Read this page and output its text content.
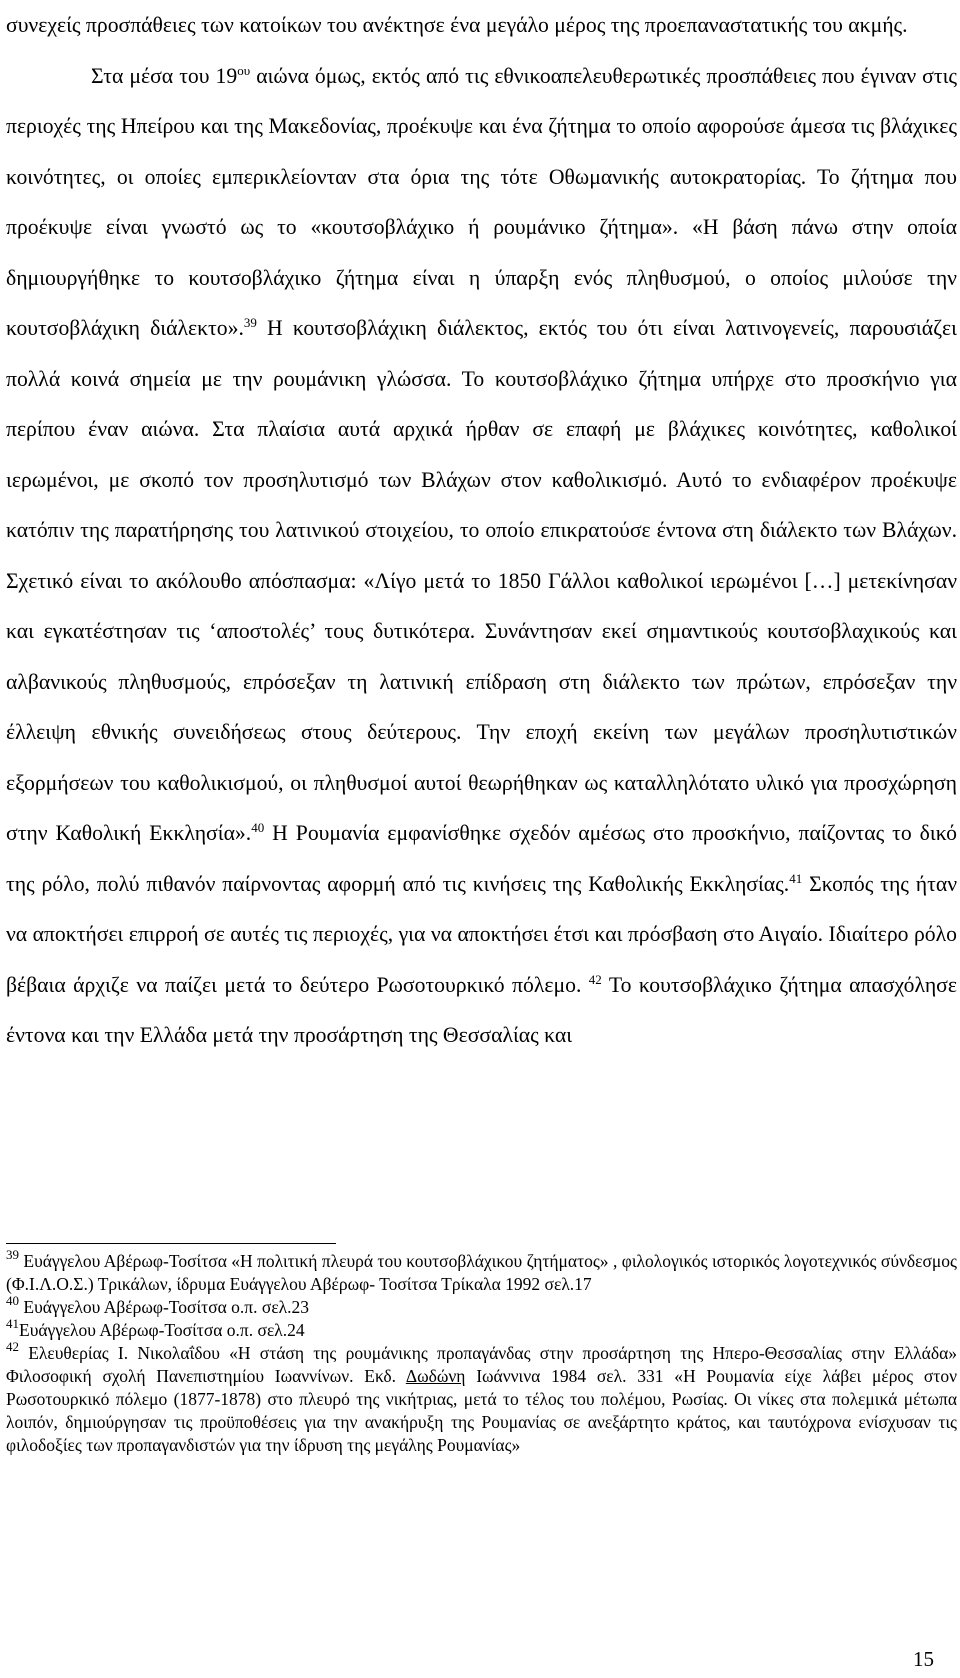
συνεχείς προσπάθειες των κατοίκων του ανέκτησε ένα μεγάλο μέρος της προεπαναστατικής του ακμής.

Στα μέσα του $19^{o\upsilon}$ αιώνα όμως, εκτός από τις εθνικοαπελευθερωτικές προσπάθειες που έγιναν στις περιοχές της Ηπείρου και της Μακεδονίας, προέκυψε και ένα ζήτημα το οποίο αφορούσε άμεσα τις βλάχικες κοινότητες, οι οποίες εμπερικλείονταν στα όρια της τότε Οθωμανικής αυτοκρατορίας. Το ζήτημα που προέκυψε είναι γνωστό ως το «κουτσοβλάχικο ή ρουμάνικο ζήτημα». «Η βάση πάνω στην οποία δημιουργήθηκε το κουτσοβλάχικο ζήτημα είναι η ύπαρξη ενός πληθυσμού, ο οποίος μιλούσε την κουτσοβλάχικη διάλεκτο».$^{39}$ Η κουτσοβλάχικη διάλεκτος, εκτός του ότι είναι λατινογενείς, παρουσιάζει πολλά κοινά σημεία με την ρουμάνικη γλώσσα. Το κουτσοβλάχικο ζήτημα υπήρχε στο προσκήνιο για περίπου έναν αιώνα. Στα πλαίσια αυτά αρχικά ήρθαν σε επαφή με βλάχικες κοινότητες, καθολικοί ιερωμένοι, με σκοπό τον προσηλυτισμό των Βλάχων στον καθολικισμό. Αυτό το ενδιαφέρον προέκυψε κατόπιν της παρατήρησης του λατινικού στοιχείου, το οποίο επικρατούσε έντονα στη διάλεκτο των Βλάχων. Σχετικό είναι το ακόλουθο απόσπασμα: «Λίγο μετά το 1850 Γάλλοι καθολικοί ιερωμένοι […] μετεκίνησαν και εγκατέστησαν τις ‘αποστολές’ τους δυτικότερα. Συνάντησαν εκεί σημαντικούς κουτσοβλαχικούς και αλβανικούς πληθυσμούς, επρόσεξαν τη λατινική επίδραση στη διάλεκτο των πρώτων, επρόσεξαν την έλλειψη εθνικής συνειδήσεως στους δεύτερους. Την εποχή εκείνη των μεγάλων προσηλυτιστικών εξορμήσεων του καθολικισμού, οι πληθυσμοί αυτοί θεωρήθηκαν ως καταλληλότατο υλικό για προσχώρηση στην Καθολική Εκκλησία».$^{40}$ Η Ρουμανία εμφανίσθηκε σχεδόν αμέσως στο προσκήνιο, παίζοντας το δικό της ρόλο, πολύ πιθανόν παίρνοντας αφορμή από τις κινήσεις της Καθολικής Εκκλησίας.$^{41}$ Σκοπός της ήταν να αποκτήσει επιρροή σε αυτές τις περιοχές, για να αποκτήσει έτσι και πρόσβαση στο Αιγαίο. Ιδιαίτερο ρόλο βέβαια άρχιζε να παίζει μετά το δεύτερο Ρωσοτουρκικό πόλεμο. $^{42}$ Το κουτσοβλάχικο ζήτημα απασχόλησε έντονα και την Ελλάδα μετά την προσάρτηση της Θεσσαλίας και

$^{39}$ Ευάγγελου Αβέρωφ-Τοσίτσα «Η πολιτική πλευρά του κουτσοβλάχικου ζητήματος» , φιλολογικός ιστορικός λογοτεχνικός σύνδεσμος (Φ.Ι.Λ.Ο.Σ.) Τρικάλων, ίδρυμα Ευάγγελου Αβέρωφ- Τοσίτσα Τρίκαλα 1992 σελ.17

$^{40}$ Ευάγγελου Αβέρωφ-Τοσίτσα ο.π. σελ.23

$^{41}$Ευάγγελου Αβέρωφ-Τοσίτσα ο.π. σελ.24

$^{42}$ Ελευθερίας Ι. Νικολαΐδου «Η στάση της ρουμάνικης προπαγάνδας στην προσάρτηση της Ηπερο-Θεσσαλίας στην Ελλάδα» Φιλοσοφική σχολή Πανεπιστημίου Ιωαννίνων. Εκδ. Δωδώνη Ιωάννινα 1984 σελ. 331 «Η Ρουμανία είχε λάβει μέρος στον Ρωσοτουρκικό πόλεμο (1877-1878) στο πλευρό της νικήτριας, μετά το τέλος του πολέμου, Ρωσίας. Οι νίκες στα πολεμικά μέτωπα λοιπόν, δημιούργησαν τις προϋποθέσεις για την ανακήρυξη της Ρουμανίας σε ανεξάρτητο κράτος, και ταυτόχρονα ενίσχυσαν τις φιλοδοξίες των προπαγανδιστών για την ίδρυση της μεγάλης Ρουμανίας»

15
